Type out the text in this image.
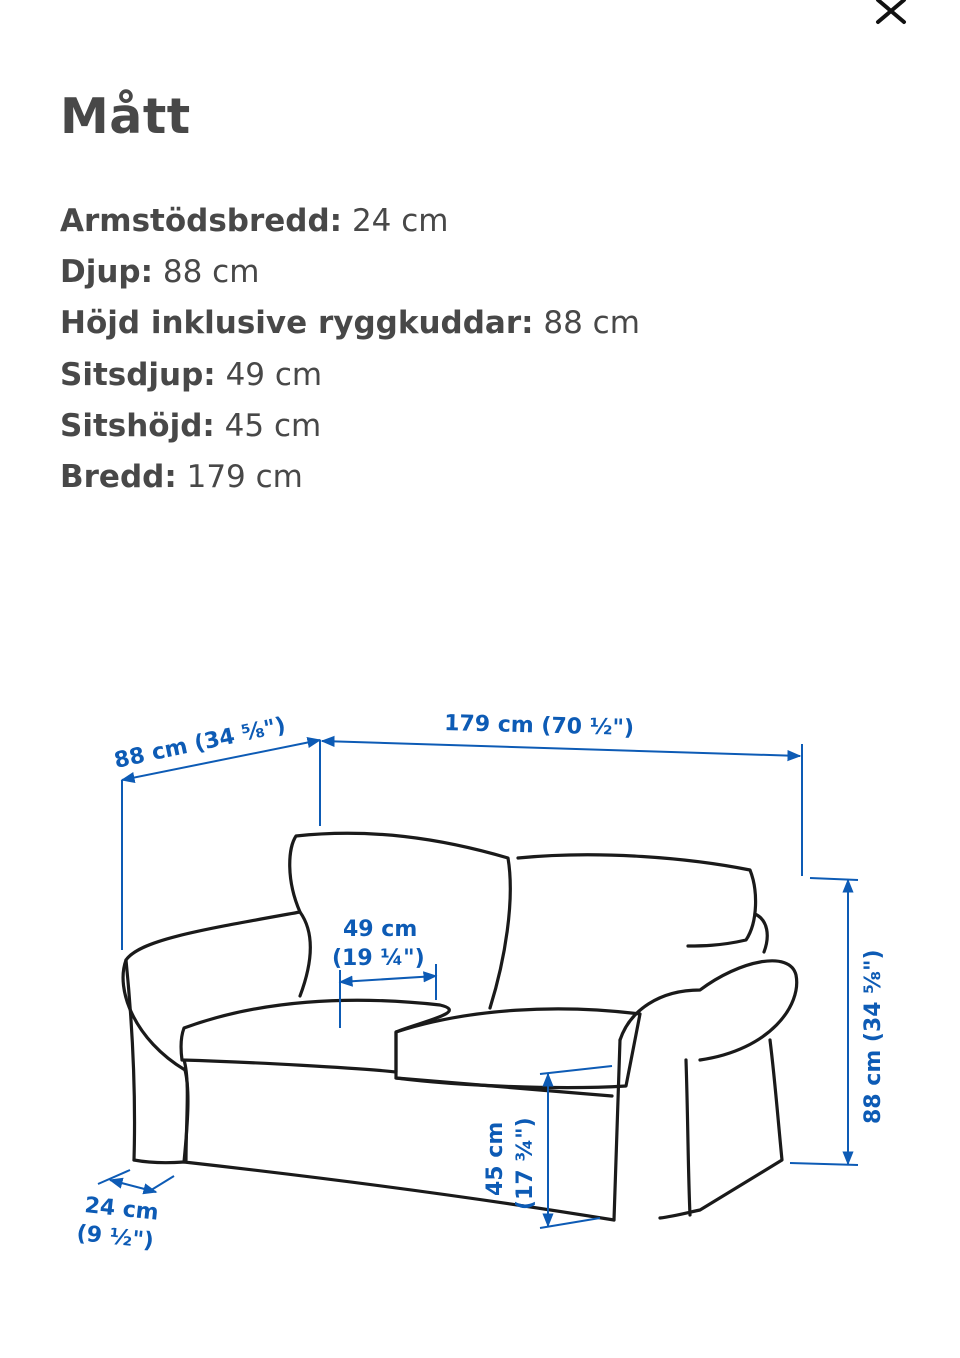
Mått
Armstödsbredd: 24 cm
Djup: 88 cm
Höjd inklusive ryggkuddar: 88 cm
Sitsdjup: 49 cm
Sitshöjd: 45 cm
Bredd: 179 cm
88 cm (34 ⅝")	179 cm (70 ½")
88 cm (34 ⅝")
49 cm
(19 ¼")
45 cm (17 ¾")
24 cm
(9 ½")
